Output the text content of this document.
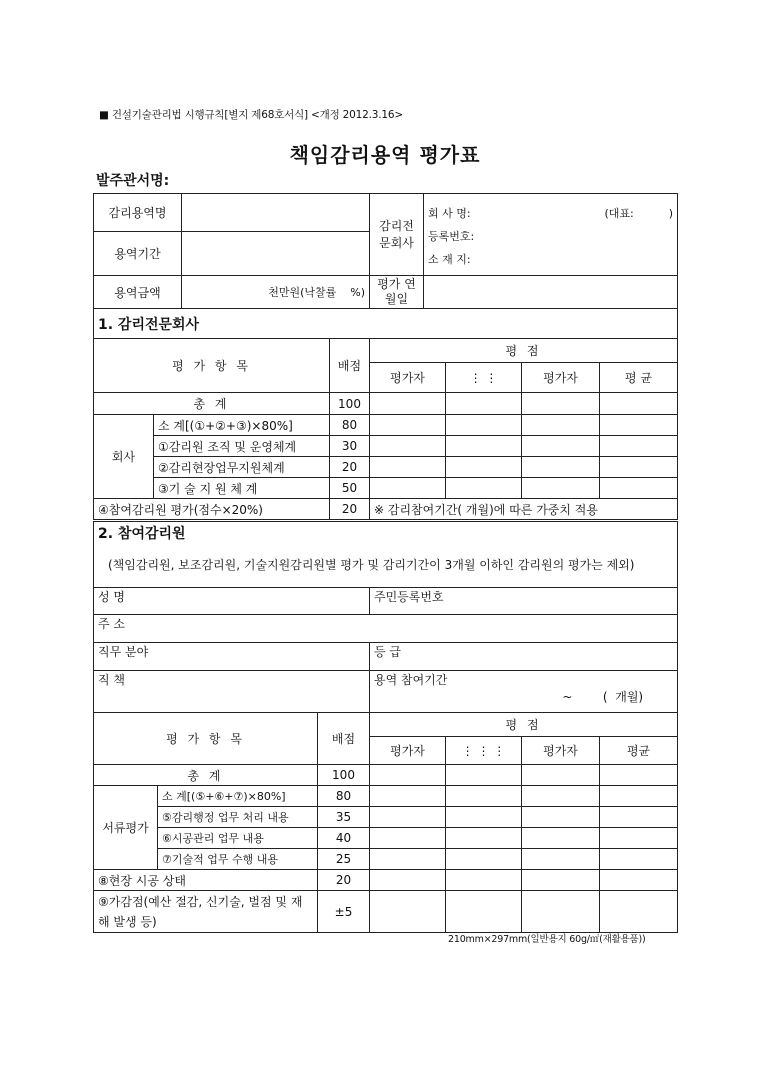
■ 건설기술관리법 시행규칙[별지 제68호서식] <개정 2012.3.16>
책임감리용역 평가표
발주관서명:
감리용역명		감리전문회사	회 사 명: (대표:          )
등록번호:
소 재 지:

용역기간			
용역금액	천만원(낙찰률    %)	평가 연월일	
1. 감리전문회사						
평 가 항 목		배점	평 점			
			평가자	⋮ ⋮	평가자	평 균
총 계		100				
회사	소 계[(①+②+③)×80%]	80				
	①감리원 조직 및 운영체계	30				
	②감리현장업무지원체계	20				
	③기 술 지 원 체 계	50				
④참여감리원 평가(점수×20%)		20	※ 감리참여기간( 개월)에 따른 가중치 적용			
2. 참여감리원						
(책임감리원, 보조감리원, 기술지원감리원별 평가 및 감리기간이 3개월 이하인 감리원의 평가는 제외)						
성 명			주민등록번호			
주 소						
직무 분야			등 급			
직 책			용역 참여기간
~        (  개월)			

평 가 항 목		배점	평 점			
			평가자	⋮ ⋮ ⋮	평가자	평균
총 계		100				
서류평가	소 계[(⑤+⑥+⑦)×80%]	80				
	⑤감리행정 업무 처리 내용	35				
	⑥시공관리 업무 내용	40				
	⑦기술적 업무 수행 내용	25				
⑧현장 시공 상태		20				
⑨가감점(예산 절감, 신기술, 벌점 및 재해 발생 등)		±5				
210mm×297mm(일반용지 60g/㎡(재활용품))
